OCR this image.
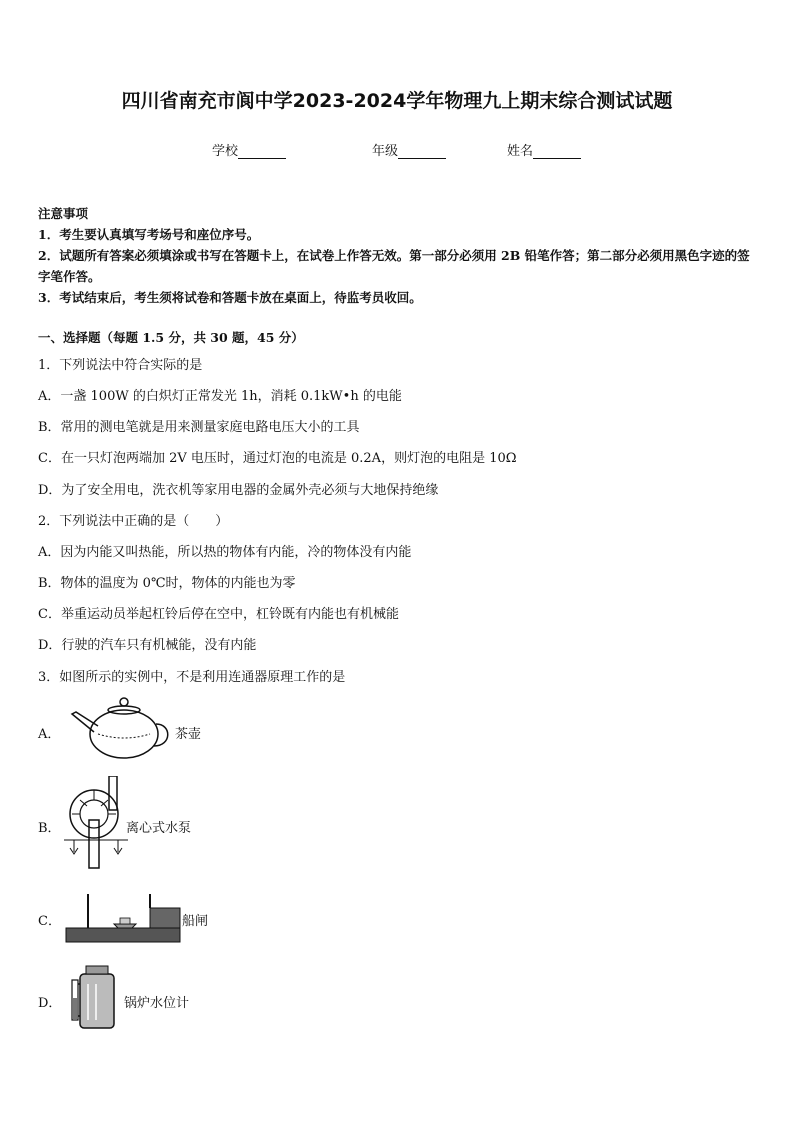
四川省南充市阆中学2023-2024学年物理九上期末综合测试试题
学校	年级	姓名
注意事项
1．考生要认真填写考场号和座位序号。
2．试题所有答案必须填涂或书写在答题卡上，在试卷上作答无效。第一部分必须用 2B 铅笔作答；第二部分必须用黑色字迹的签字笔作答。
3．考试结束后，考生须将试卷和答题卡放在桌面上，待监考员收回。
一、选择题（每题 1.5 分，共 30 题，45 分）
1．下列说法中符合实际的是
A．一盏 100W 的白炽灯正常发光 1h，消耗 0.1kW•h 的电能
B．常用的测电笔就是用来测量家庭电路电压大小的工具
C．在一只灯泡两端加 2V 电压时，通过灯泡的电流是 0.2A，则灯泡的电阻是 10Ω
D．为了安全用电，洗衣机等家用电器的金属外壳必须与大地保持绝缘
2．下列说法中正确的是（　　）
A．因为内能又叫热能，所以热的物体有内能，冷的物体没有内能
B．物体的温度为 0℃时，物体的内能也为零
C．举重运动员举起杠铃后停在空中，杠铃既有内能也有机械能
D．行驶的汽车只有机械能，没有内能
3．如图所示的实例中，不是利用连通器原理工作的是
A．	茶壶
B．	离心式水泵
C．	船闸
D．	锅炉水位计
